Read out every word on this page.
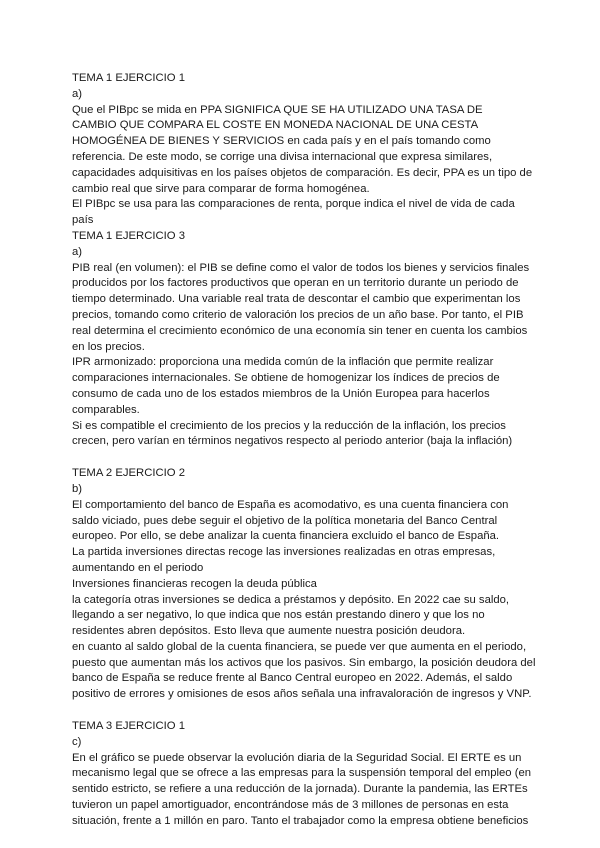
TEMA 1 EJERCICIO 1
a)
Que el PIBpc se mida en PPA SIGNIFICA QUE SE HA UTILIZADO UNA TASA DE
CAMBIO QUE COMPARA EL COSTE EN MONEDA NACIONAL DE UNA CESTA
HOMOGÉNEA DE BIENES Y SERVICIOS en cada país y en el país tomando como
referencia. De este modo, se corrige una divisa internacional que expresa similares,
capacidades adquisitivas en los países objetos de comparación. Es decir, PPA es un tipo de
cambio real que sirve para comparar de forma homogénea.
El PIBpc se usa para las comparaciones de renta, porque indica el nivel de vida de cada
país
TEMA 1 EJERCICIO 3
a)
PIB real (en volumen): el PIB se define como el valor de todos los bienes y servicios finales
producidos por los factores productivos que operan en un territorio durante un periodo de
tiempo determinado. Una variable real trata de descontar el cambio que experimentan los
precios, tomando como criterio de valoración los precios de un año base. Por tanto, el PIB
real determina el crecimiento económico de una economía sin tener en cuenta los cambios
en los precios.
IPR armonizado: proporciona una medida común de la inflación que permite realizar
comparaciones internacionales. Se obtiene de homogenizar los índices de precios de
consumo de cada uno de los estados miembros de la Unión Europea para hacerlos
comparables.
Si es compatible el crecimiento de los precios y la reducción de la inflación, los precios
crecen, pero varían en términos negativos respecto al periodo anterior (baja la inflación)
TEMA 2 EJERCICIO 2
b)
El comportamiento del banco de España es acomodativo, es una cuenta financiera con
saldo viciado, pues debe seguir el objetivo de la política monetaria del Banco Central
europeo. Por ello, se debe analizar la cuenta financiera excluido el banco de España.
La partida inversiones directas recoge las inversiones realizadas en otras empresas,
aumentando en el periodo
Inversiones financieras recogen la deuda pública
la categoría otras inversiones se dedica a préstamos y depósito. En 2022 cae su saldo,
llegando a ser negativo, lo que indica que nos están prestando dinero y que los no
residentes abren depósitos. Esto lleva que aumente nuestra posición deudora.
en cuanto al saldo global de la cuenta financiera, se puede ver que aumenta en el periodo,
puesto que aumentan más los activos que los pasivos. Sin embargo, la posición deudora del
banco de España se reduce frente al Banco Central europeo en 2022. Además, el saldo
positivo de errores y omisiones de esos años señala una infravaloración de ingresos y VNP.
TEMA 3 EJERCICIO 1
c)
En el gráfico se puede observar la evolución diaria de la Seguridad Social. El ERTE es un
mecanismo legal que se ofrece a las empresas para la suspensión temporal del empleo (en
sentido estricto, se refiere a una reducción de la jornada). Durante la pandemia, las ERTEs
tuvieron un papel amortiguador, encontrándose más de 3 millones de personas en esta
situación, frente a 1 millón en paro. Tanto el trabajador como la empresa obtiene beneficios
